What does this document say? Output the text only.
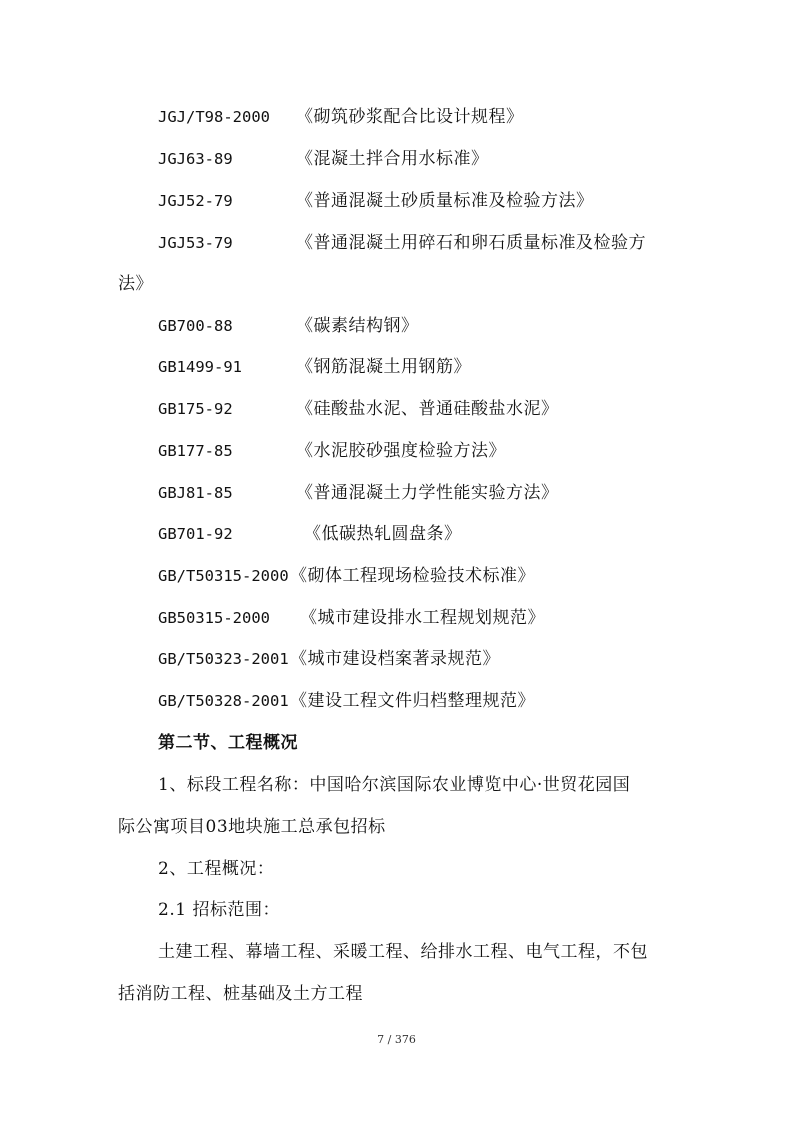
JGJ/T98-2000 《砌筑砂浆配合比设计规程》
JGJ63-89	《混凝土拌合用水标准》
JGJ52-79	《普通混凝土砂质量标准及检验方法》
JGJ53-79	《普通混凝土用碎石和卵石质量标准及检验方
法》
GB700-88	《碳素结构钢》
GB1499-91	《钢筋混凝土用钢筋》
GB175-92	《硅酸盐水泥、普通硅酸盐水泥》
GB177-85	《水泥胶砂强度检验方法》
GBJ81-85	《普通混凝土力学性能实验方法》
GB701-92	《低碳热轧圆盘条》
GB/T50315-2000 《砌体工程现场检验技术标准》
GB50315-2000 《城市建设排水工程规划规范》
GB/T50323-2001 《城市建设档案著录规范》
GB/T50328-2001 《建设工程文件归档整理规范》
第二节、工程概况
1、标段工程名称：中国哈尔滨国际农业博览中心·世贸花园国
际公寓项目03地块施工总承包招标
2、工程概况：
2.1 招标范围：
土建工程、幕墙工程、采暖工程、给排水工程、电气工程，不包
括消防工程、桩基础及土方工程
7 / 376
